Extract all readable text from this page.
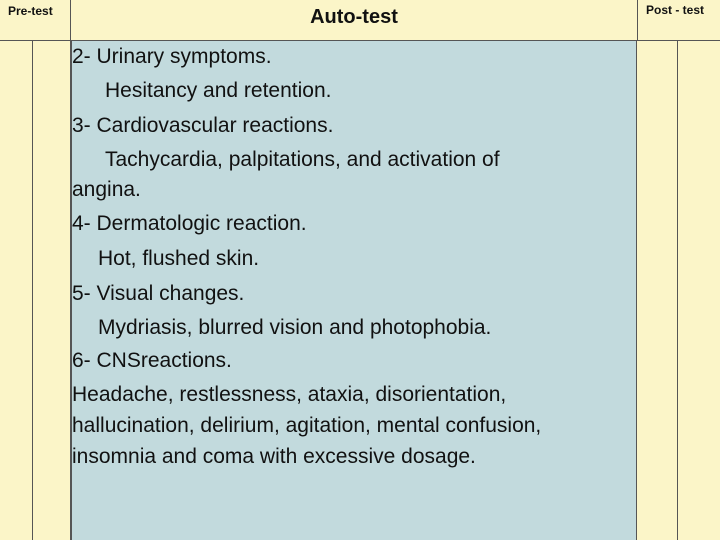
Pre-test	Auto-test	Post - test
2- Urinary symptoms.
Hesitancy and retention.
3- Cardiovascular reactions.
Tachycardia, palpitations, and activation of
angina.
4- Dermatologic reaction.
Hot, flushed skin.
5- Visual changes.
Mydriasis, blurred vision and photophobia.
6- CNSreactions.
Headache, restlessness, ataxia, disorientation,
hallucination, delirium, agitation, mental confusion,
insomnia and coma with excessive dosage.
